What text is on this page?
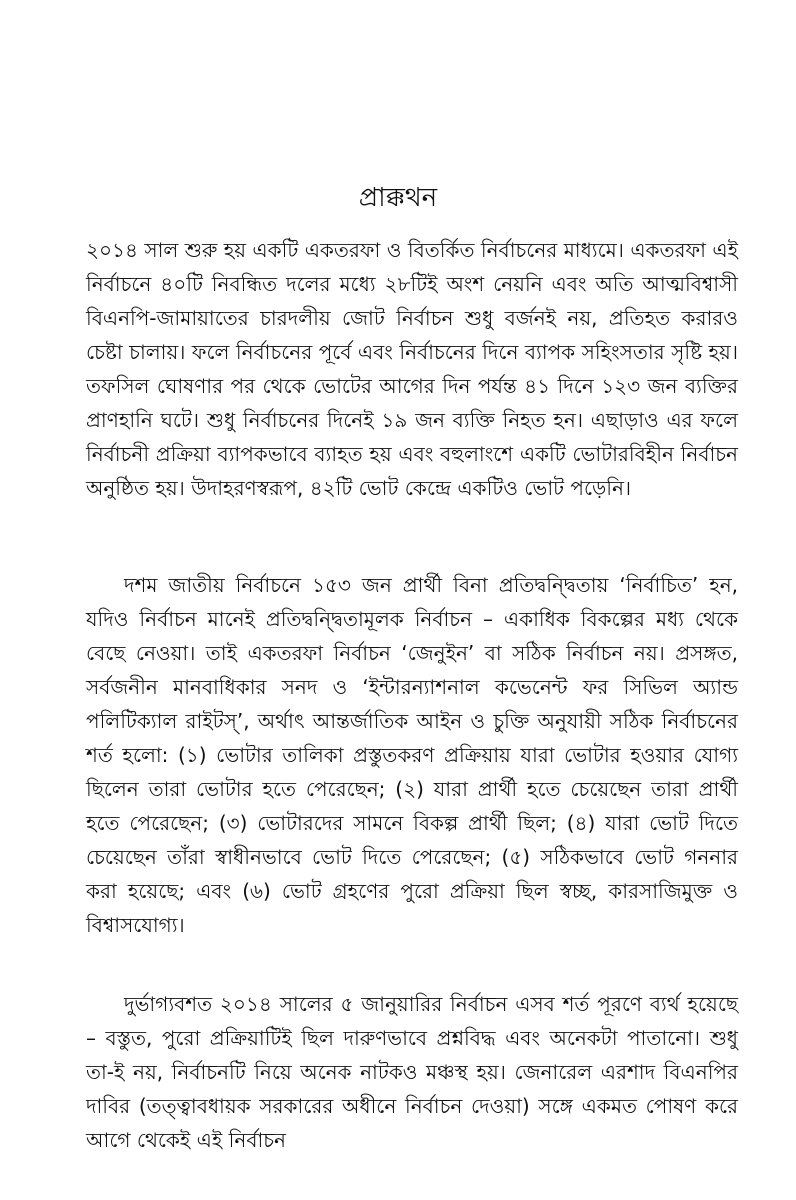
প্রাক্কথন
২০১৪ সাল শুরু হয় একটি একতরফা ও বিতর্কিত নির্বাচনের মাধ্যমে। একতরফা এই নির্বাচনে ৪০টি নিবন্ধিত দলের মধ্যে ২৮টিই অংশ নেয়নি এবং অতি আত্মবিশ্বাসী বিএনপি-জামায়াতের চারদলীয় জোট নির্বাচন শুধু বর্জনই নয়, প্রতিহত করারও চেষ্টা চালায়। ফলে নির্বাচনের পূর্বে এবং নির্বাচনের দিনে ব্যাপক সহিংসতার সৃষ্টি হয়। তফসিল ঘোষণার পর থেকে ভোটের আগের দিন পর্যন্ত ৪১ দিনে ১২৩ জন ব্যক্তির প্রাণহানি ঘটে। শুধু নির্বাচনের দিনেই ১৯ জন ব্যক্তি নিহত হন। এছাড়াও এর ফলে নির্বাচনী প্রক্রিয়া ব্যাপকভাবে ব্যাহত হয় এবং বহুলাংশে একটি ভোটারবিহীন নির্বাচন অনুষ্ঠিত হয়। উদাহরণস্বরূপ, ৪২টি ভোট কেন্দ্রে একটিও ভোট পড়েনি।
দশম জাতীয় নির্বাচনে ১৫৩ জন প্রার্থী বিনা প্রতিদ্বন্দ্বিতায় ‘নির্বাচিত’ হন, যদিও নির্বাচন মানেই প্রতিদ্বন্দ্বিতামূলক নির্বাচন – একাধিক বিকল্পের মধ্য থেকে বেছে নেওয়া। তাই একতরফা নির্বাচন ‘জেনুইন’ বা সঠিক নির্বাচন নয়। প্রসঙ্গত, সর্বজনীন মানবাধিকার সনদ ও ‘ইন্টারন্যাশনাল কভেনেন্ট ফর সিভিল অ্যান্ড পলিটিক্যাল রাইটস্’, অর্থাৎ আন্তর্জাতিক আইন ও চুক্তি অনুযায়ী সঠিক নির্বাচনের শর্ত হলো: (১) ভোটার তালিকা প্রস্তুতকরণ প্রক্রিয়ায় যারা ভোটার হওয়ার যোগ্য ছিলেন তারা ভোটার হতে পেরেছেন; (২) যারা প্রার্থী হতে চেয়েছেন তারা প্রার্থী হতে পেরেছেন; (৩) ভোটারদের সামনে বিকল্প প্রার্থী ছিল; (৪) যারা ভোট দিতে চেয়েছেন তাঁরা স্বাধীনভাবে ভোট দিতে পেরেছেন; (৫) সঠিকভাবে ভোট গননার করা হয়েছে; এবং (৬) ভোট গ্রহণের পুরো প্রক্রিয়া ছিল স্বচ্ছ, কারসাজিমুক্ত ও বিশ্বাসযোগ্য।
দুর্ভাগ্যবশত ২০১৪ সালের ৫ জানুয়ারির নির্বাচন এসব শর্ত পূরণে ব্যর্থ হয়েছে – বস্তুত, পুরো প্রক্রিয়াটিই ছিল দারুণভাবে প্রশ্নবিদ্ধ এবং অনেকটা পাতানো। শুধু তা-ই নয়, নির্বাচনটি নিয়ে অনেক নাটকও মঞ্চস্থ হয়। জেনারেল এরশাদ বিএনপির দাবির (তত্ত্বাবধায়ক সরকারের অধীনে নির্বাচন দেওয়া) সঙ্গে একমত পোষণ করে আগে থেকেই এই নির্বাচন
